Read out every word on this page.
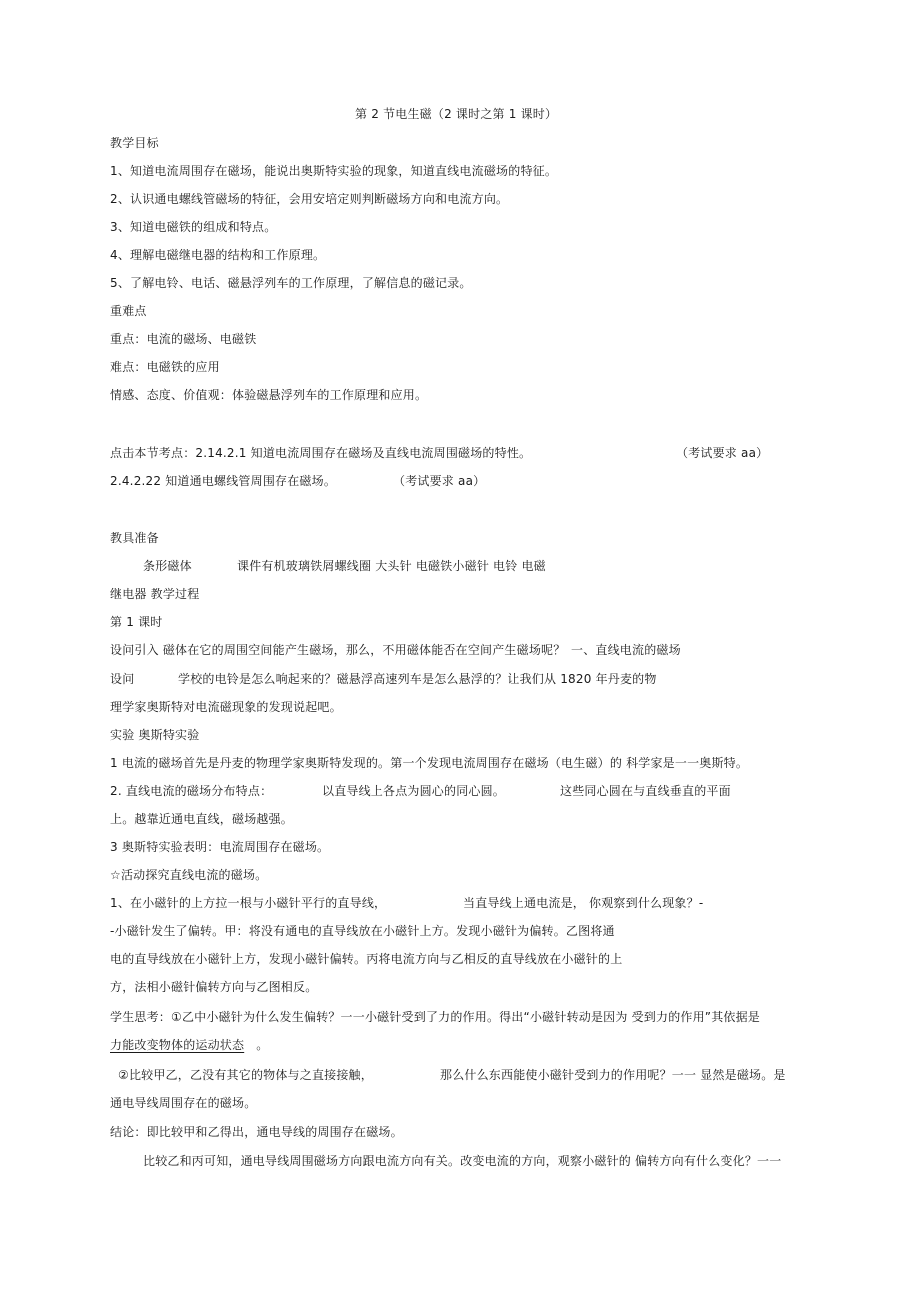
第 2 节电生磁（2 课时之第 1 课时）
教学目标
1、知道电流周围存在磁场，能说出奥斯特实验的现象，知道直线电流磁场的特征。
2、认识通电螺线管磁场的特征，会用安培定则判断磁场方向和电流方向。
3、知道电磁铁的组成和特点。
4、理解电磁继电器的结构和工作原理。
5、了解电铃、电话、磁悬浮列车的工作原理，了解信息的磁记录。
重难点
重点：电流的磁场、电磁铁
难点：电磁铁的应用
情感、态度、价值观：体验磁悬浮列车的工作原理和应用。
点击本节考点：2.14.2.1 知道电流周围存在磁场及直线电流周围磁场的特性。	（考试要求 aa）
2.4.2.22 知道通电螺线管周围存在磁场。	（考试要求 aa）
教具准备
条形磁体	课件有机玻璃铁屑螺线圈 大头针 电磁铁小磁针 电铃 电磁
继电器 教学过程
第 1 课时
设问引入 磁体在它的周围空间能产生磁场，那么，不用磁体能否在空间产生磁场呢？ 一、直线电流的磁场
设问	学校的电铃是怎么响起来的？磁悬浮高速列车是怎么悬浮的？让我们从 1820 年丹麦的物
理学家奥斯特对电流磁现象的发现说起吧。
实验 奥斯特实验
1 电流的磁场首先是丹麦的物理学家奥斯特发现的。第一个发现电流周围存在磁场（电生磁）的 科学家是一一奥斯特。
2. 直线电流的磁场分布特点：	以直导线上各点为圆心的同心圆。	这些同心圆在与直线垂直的平面
上。越靠近通电直线，磁场越强。
3 奥斯特实验表明：电流周围存在磁场。
☆活动探究直线电流的磁场。
1、在小磁针的上方拉一根与小磁针平行的直导线，	当直导线上通电流是， 你观察到什么现象？-
-小磁针发生了偏转。甲：将没有通电的直导线放在小磁针上方。发现小磁针为偏转。乙图将通
电的直导线放在小磁针上方，发现小磁针偏转。丙将电流方向与乙相反的直导线放在小磁针的上
方，法相小磁针偏转方向与乙图相反。
学生思考：①乙中小磁针为什么发生偏转？一一小磁针受到了力的作用。得出“小磁针转动是因为 受到力的作用”其依据是
力能改变物体的运动状态 。
②比较甲乙，乙没有其它的物体与之直接接触，	那么什么东西能使小磁针受到力的作用呢？一一 显然是磁场。是
通电导线周围存在的磁场。
结论：即比较甲和乙得出，通电导线的周围存在磁场。
比较乙和丙可知，通电导线周围磁场方向跟电流方向有关。改变电流的方向，观察小磁针的 偏转方向有什么变化？一一
